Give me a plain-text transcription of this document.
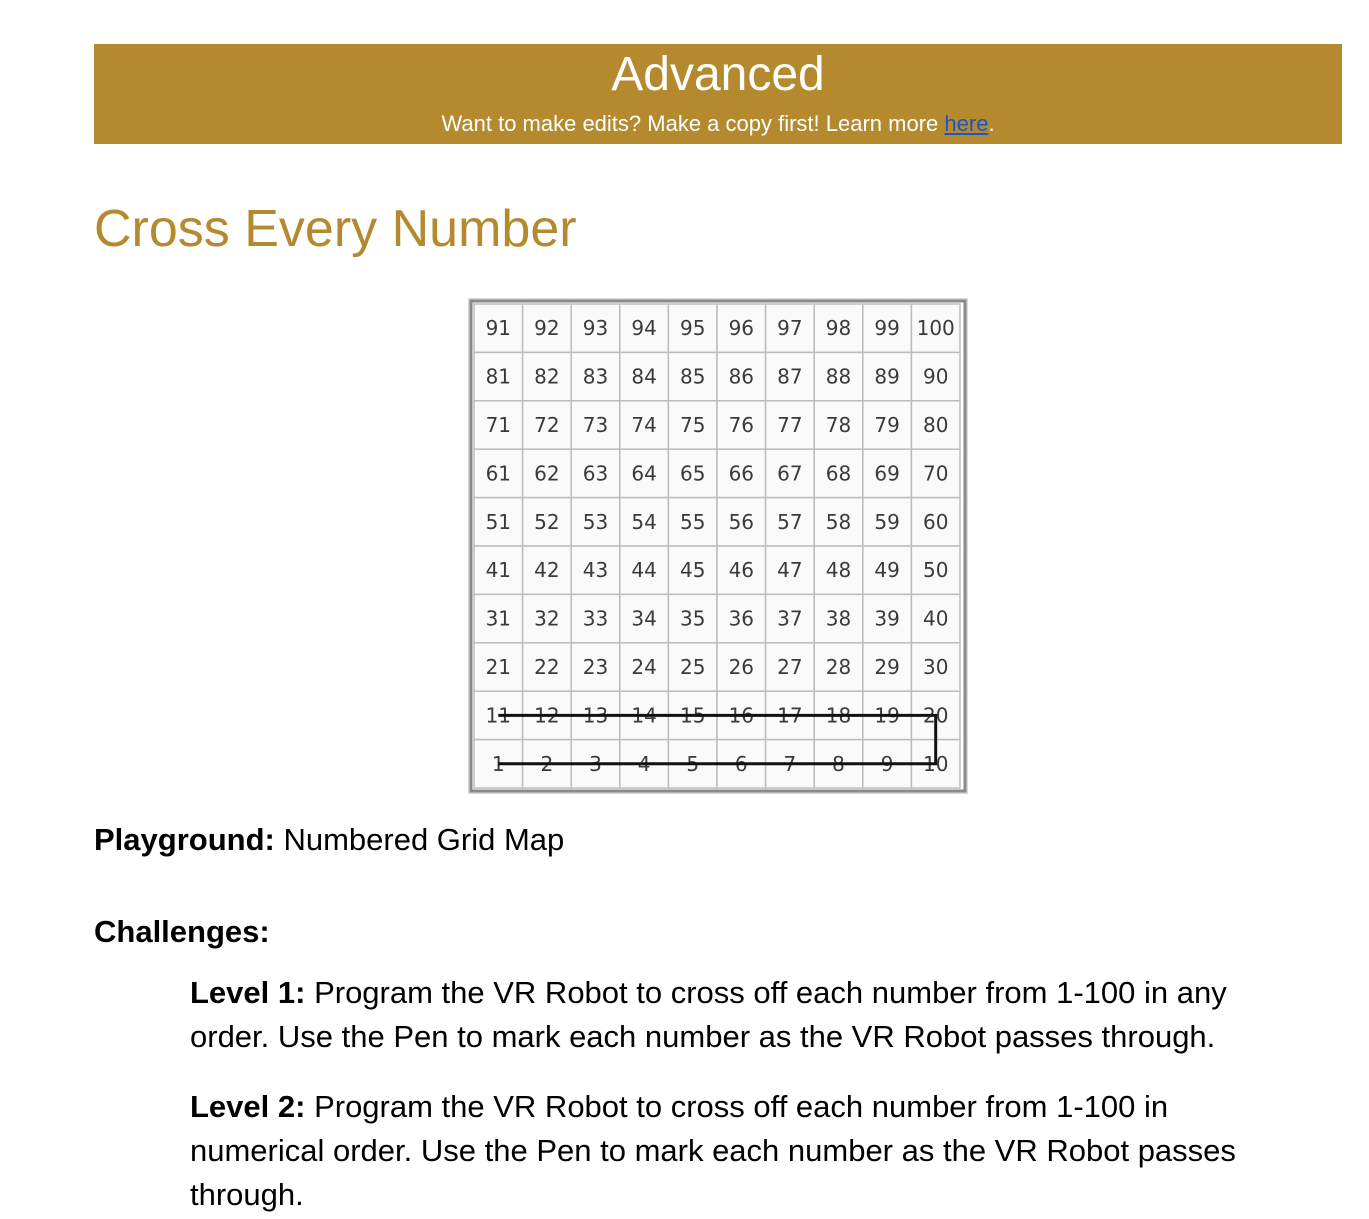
Advanced
Want to make edits? Make a copy first! Learn more here.
Cross Every Number
91 92 93 94 95 96 97 98 99 100
81 82 83 84 85 86 87 88 89 90
71 72 73 74 75 76 77 78 79 80
61 62 63 64 65 66 67 68 69 70
51 52 53 54 55 56 57 58 59 60
41 42 43 44 45 46 47 48 49 50
31 32 33 34 35 36 37 38 39 40
21 22 23 24 25 26 27 28 29 30
11 12 13 14 15 16 17 18 19 20
1 2 3 4 5 6 7 8 9 10
Playground: Numbered Grid Map
Challenges:
Level 1: Program the VR Robot to cross off each number from 1-100 in any order. Use the Pen to mark each number as the VR Robot passes through.
Level 2: Program the VR Robot to cross off each number from 1-100 in numerical order. Use the Pen to mark each number as the VR Robot passes through.
